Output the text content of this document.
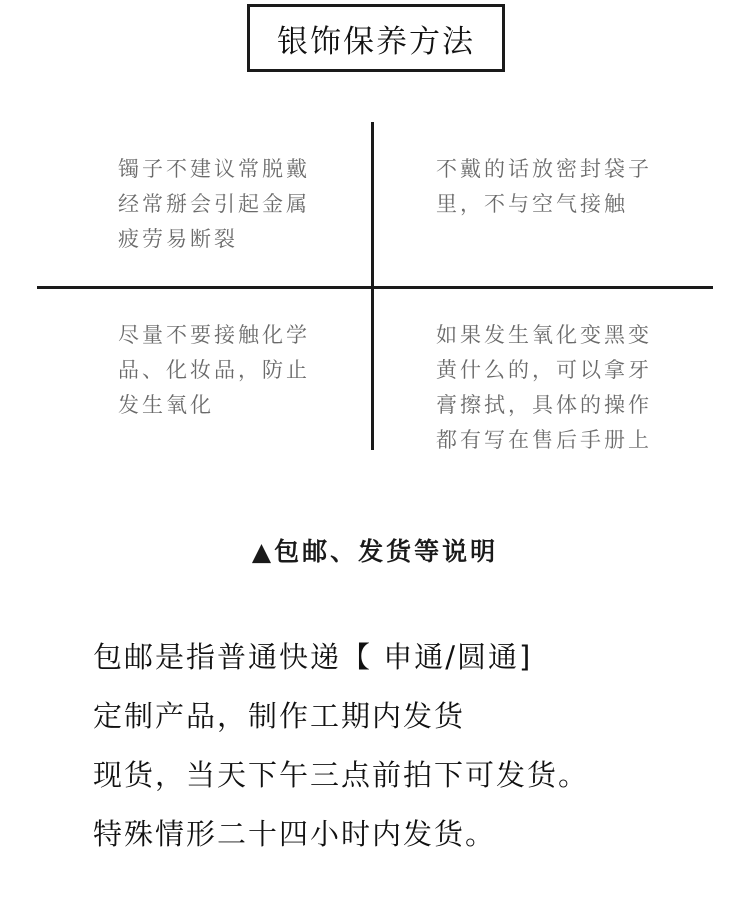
银饰保养方法
镯子不建议常脱戴
经常掰会引起金属
疲劳易断裂
不戴的话放密封袋子
里，不与空气接触
尽量不要接触化学
品、化妆品，防止
发生氧化
如果发生氧化变黑变
黄什么的，可以拿牙
膏擦拭，具体的操作
都有写在售后手册上
▲包邮、发货等说明
包邮是指普通快递【 申通/圆通]
定制产品，制作工期内发货
现货，当天下午三点前拍下可发货。
特殊情形二十四小时内发货。
